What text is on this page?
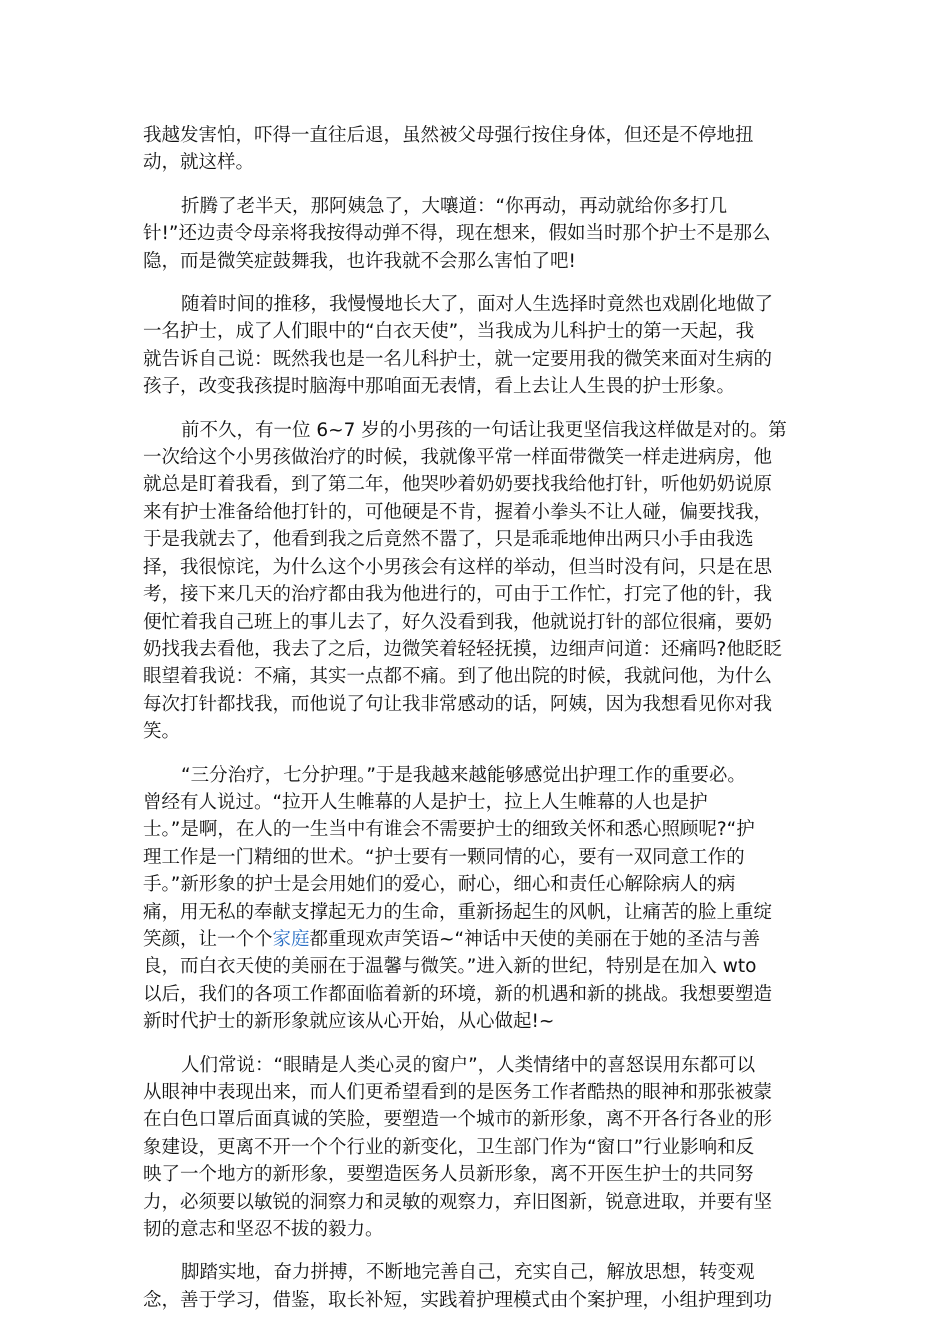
我越发害怕，吓得一直往后退，虽然被父母强行按住身体，但还是不停地扭
动，就这样。

折腾了老半天，那阿姨急了，大嚷道：“你再动，再动就给你多打几
针!”还边责令母亲将我按得动弹不得，现在想来，假如当时那个护士不是那么
隐，而是微笑症鼓舞我，也许我就不会那么害怕了吧!

随着时间的推移，我慢慢地长大了，面对人生选择时竟然也戏剧化地做了
一名护士，成了人们眼中的“白衣天使”，当我成为儿科护士的第一天起，我
就告诉自己说：既然我也是一名儿科护士，就一定要用我的微笑来面对生病的
孩子，改变我孩提时脑海中那咱面无表情，看上去让人生畏的护士形象。

前不久，有一位 6~7 岁的小男孩的一句话让我更坚信我这样做是对的。第
一次给这个小男孩做治疗的时候，我就像平常一样面带微笑一样走进病房，他
就总是盯着我看，到了第二年，他哭吵着奶奶要找我给他打针，听他奶奶说原
来有护士准备给他打针的，可他硬是不肯，握着小拳头不让人碰，偏要找我，
于是我就去了，他看到我之后竟然不嚣了，只是乖乖地伸出两只小手由我选
择，我很惊诧，为什么这个小男孩会有这样的举动，但当时没有问，只是在思
考，接下来几天的治疗都由我为他进行的，可由于工作忙，打完了他的针，我
便忙着我自己班上的事儿去了，好久没看到我，他就说打针的部位很痛，要奶
奶找我去看他，我去了之后，边微笑着轻轻抚摸，边细声问道：还痛吗?他眨眨
眼望着我说：不痛，其实一点都不痛。到了他出院的时候，我就问他，为什么
每次打针都找我，而他说了句让我非常感动的话，阿姨，因为我想看见你对我
笑。

“三分治疗，七分护理。”于是我越来越能够感觉出护理工作的重要必。
曾经有人说过。“拉开人生帷幕的人是护士，拉上人生帷幕的人也是护
士。”是啊，在人的一生当中有谁会不需要护士的细致关怀和悉心照顾呢?“护
理工作是一门精细的世术。“护士要有一颗同情的心，要有一双同意工作的
手。”新形象的护士是会用她们的爱心，耐心，细心和责任心解除病人的病
痛，用无私的奉献支撑起无力的生命，重新扬起生的风帆，让痛苦的脸上重绽
笑颜，让一个个家庭都重现欢声笑语~“神话中天使的美丽在于她的圣洁与善
良，而白衣天使的美丽在于温馨与微笑。”进入新的世纪，特别是在加入 wto
以后，我们的各项工作都面临着新的环境，新的机遇和新的挑战。我想要塑造
新时代护士的新形象就应该从心开始，从心做起!~

人们常说：“眼睛是人类心灵的窗户”，人类情绪中的喜怒误用东都可以
从眼神中表现出来，而人们更希望看到的是医务工作者酷热的眼神和那张被蒙
在白色口罩后面真诚的笑脸，要塑造一个城市的新形象，离不开各行各业的形
象建设，更离不开一个个行业的新变化，卫生部门作为“窗口”行业影响和反
映了一个地方的新形象，要塑造医务人员新形象，离不开医生护士的共同努
力，必须要以敏锐的洞察力和灵敏的观察力，弃旧图新，锐意进取，并要有坚
韧的意志和坚忍不拔的毅力。

脚踏实地，奋力拼搏，不断地完善自己，充实自己，解放思想，转变观
念，善于学习，借鉴，取长补短，实践着护理模式由个案护理，小组护理到功
